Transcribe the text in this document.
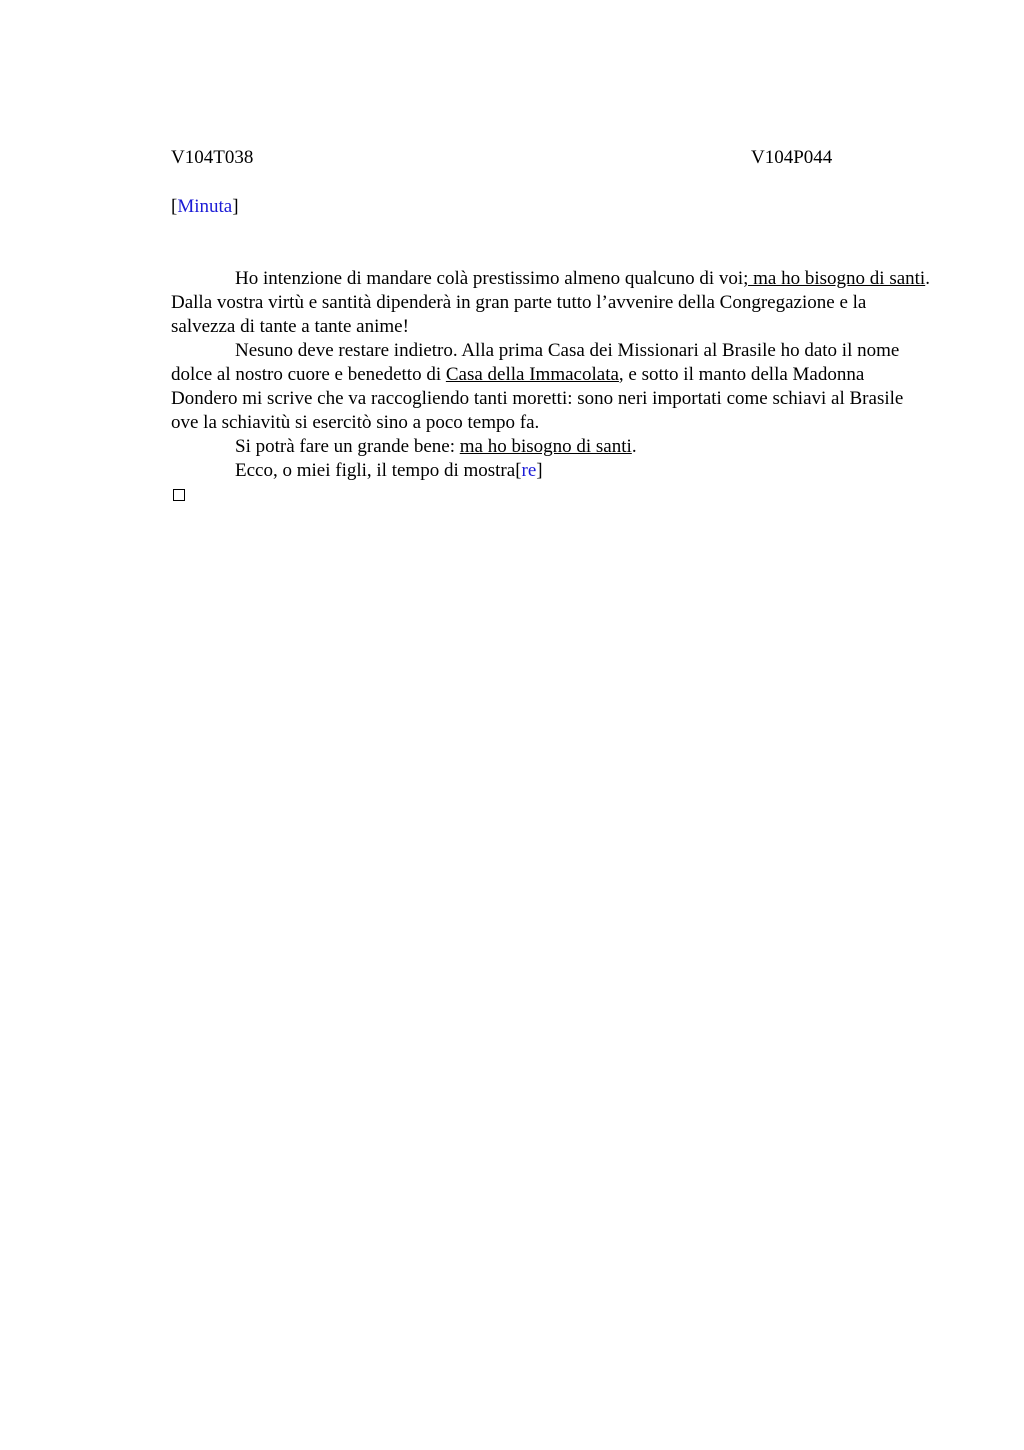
V104T038	V104P044
[Minuta]

Ho intenzione di mandare colà prestissimo almeno qualcuno di voi; ma ho bisogno di santi. Dalla vostra virtù e santità dipenderà in gran parte tutto l’avvenire della Congregazione e la salvezza di tante a tante anime!

Nesuno deve restare indietro. Alla prima Casa dei Missionari al Brasile ho dato il nome dolce al nostro cuore e benedetto di Casa della Immacolata, e sotto il manto della Madonna Dondero mi scrive che va raccogliendo tanti moretti: sono neri importati come schiavi al Brasile ove la schiavitù si esercitò sino a poco tempo fa.

Si potrà fare un grande bene: ma ho bisogno di santi.

Ecco, o miei figli, il tempo di mostra[re]
